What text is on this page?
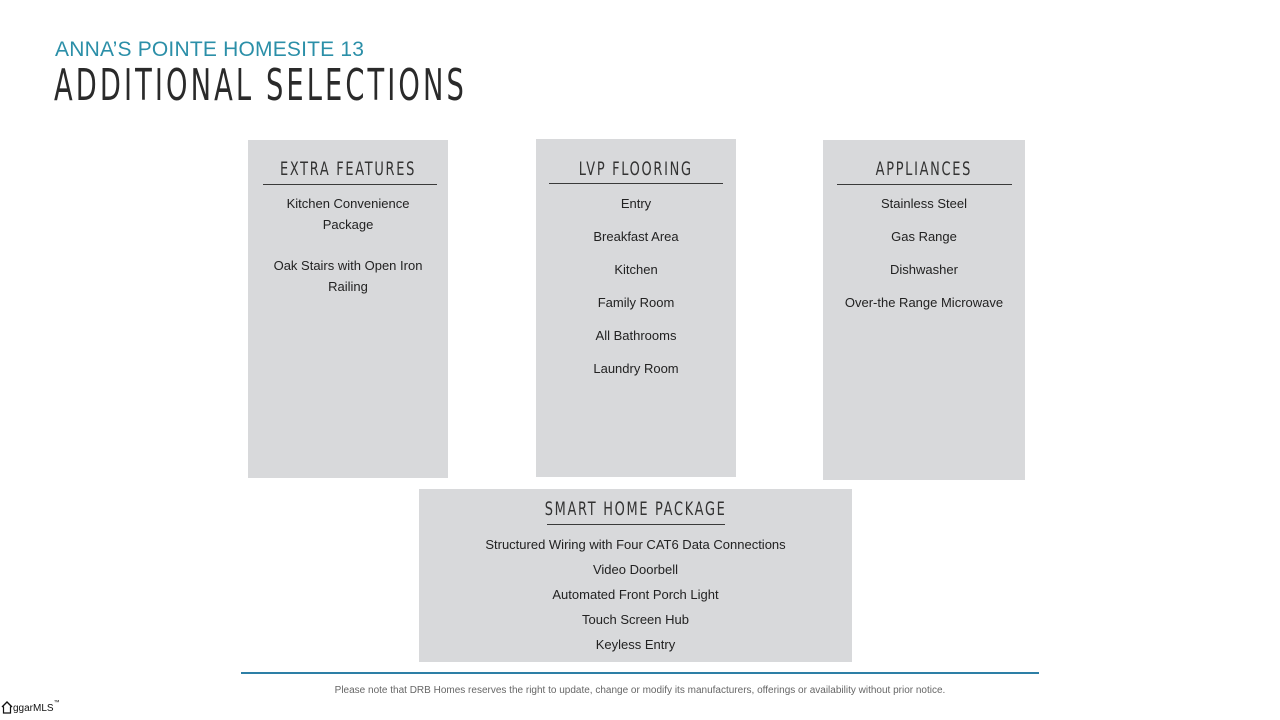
ANNA’S POINTE HOMESITE 13
ADDITIONAL SELECTIONS
EXTRA FEATURES
Kitchen Convenience Package
Oak Stairs with Open Iron Railing
LVP FLOORING
Entry
Breakfast Area
Kitchen
Family Room
All Bathrooms
Laundry Room
APPLIANCES
Stainless Steel
Gas Range
Dishwasher
Over-the Range Microwave
SMART HOME PACKAGE
Structured Wiring with Four CAT6 Data Connections
Video Doorbell
Automated Front Porch Light
Touch Screen Hub
Keyless Entry
Please note that DRB Homes reserves the right to update, change or modify its manufacturers, offerings or availability without prior notice.
ggarMLS™
